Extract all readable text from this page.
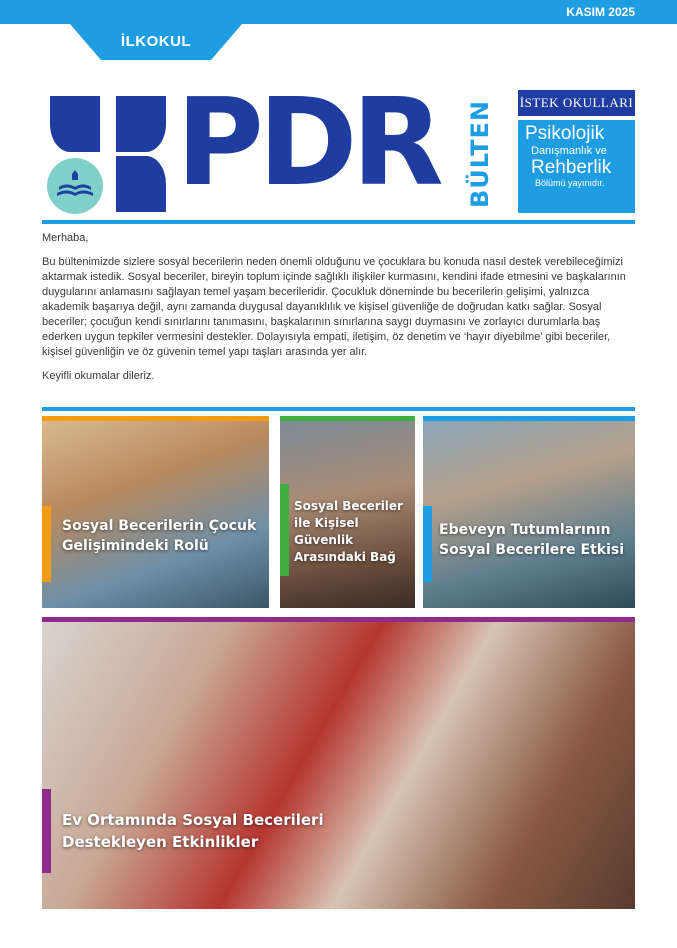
KASIM 2025
İLKOKUL
PDR BÜLTEN İSTEK OKULLARI
Psikolojik
Danışmanlık ve
Rehberlik
Bölümü yayınıdır.

Merhaba,

Bu bültenimizde sizlere sosyal becerilerin neden önemli olduğunu ve çocuklara bu konuda nasıl destek verebileceğimizi aktarmak istedik. Sosyal beceriler, bireyin toplum içinde sağlıklı ilişkiler kurmasını, kendini ifade etmesini ve başkalarının duygularını anlamasını sağlayan temel yaşam becerileridir. Çocukluk döneminde bu becerilerin gelişimi, yalnızca akademik başarıya değil, aynı zamanda duygusal dayanıklılık ve kişisel güvenliğe de doğrudan katkı sağlar. Sosyal beceriler; çocuğun kendi sınırlarını tanımasını, başkalarının sınırlarına saygı duymasını ve zorlayıcı durumlarla baş ederken uygun tepkiler vermesini destekler. Dolayısıyla empati, iletişim, öz denetim ve ‘hayır diyebilme’ gibi beceriler, kişisel güvenliğin ve öz güvenin temel yapı taşları arasında yer alır.

Keyifli okumalar dileriz.

Sosyal Becerilerin Çocuk Gelişimindeki Rolü
Sosyal Beceriler ile Kişisel Güvenlik Arasındaki Bağ
Ebeveyn Tutumlarının Sosyal Becerilere Etkisi
Ev Ortamında Sosyal Becerileri Destekleyen Etkinlikler
